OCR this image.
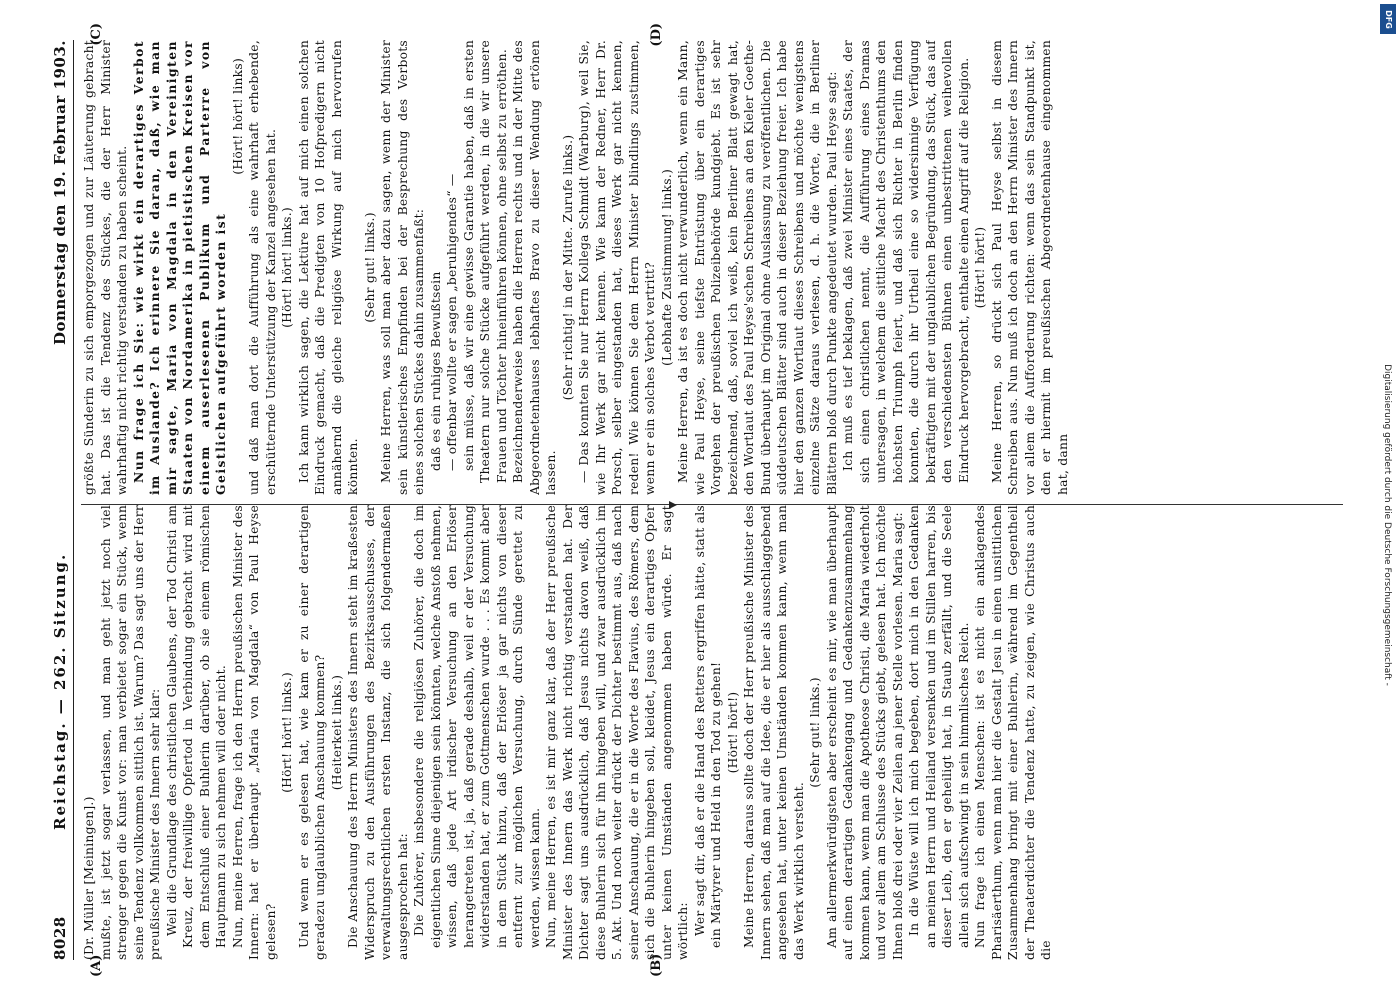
8028
Reichstag. — 262. Sitzung.
Donnerstag den 19. Februar 1903.
(A)	(B)
(C)	(D)

(Dr. Müller [Meiningen].) mußte, ist jetzt sogar verlassen, und man geht jetzt noch viel strenger gegen die Kunst vor: man verbietet sogar ein Stück, wenn seine Tendenz vollkommen sittlich ist. Warum? Das sagt uns der Herr preußische Minister des Innern sehr klar: Weil die Grundlage des christlichen Glaubens, der Tod Christi am Kreuz, der freiwillige Opfertod in Verbindung gebracht wird mit dem Entschluß einer Buhlerin darüber, ob sie einem römischen Hauptmann zu sich nehmen will oder nicht. Nun, meine Herren, frage ich den Herrn preußischen Minister des Innern: hat er überhaupt „Maria von Magdala“ von Paul Heyse gelesen?

(Hört! hört! links.) Und wenn er es gelesen hat, wie kam er zu einer derartigen geradezu unglaublichen Anschauung kommen? (Heiterkeit links.) Die Anschauung des Herrn Ministers des Innern steht im kraßesten Widerspruch zu den Ausführungen des Bezirksausschusses, der verwaltungsrechtlichen ersten Instanz, die sich folgendermaßen ausgesprochen hat: Die Zuhörer, insbesondere die religiösen Zuhörer, die doch im eigentlichen Sinne diejenigen sein könnten, welche Anstoß nehmen, wissen, daß jede Art irdischer Versuchung an den Erlöser herangetreten ist, ja, daß gerade deshalb, weil er der Versuchung widerstanden hat, er zum Gottmenschen wurde . . . Es kommt aber in dem Stück hinzu, daß der Erlöser ja gar nichts von dieser entfernt zur möglichen Versuchung, durch Sünde gerettet zu werden, wissen kann. Nun, meine Herren, es ist mir ganz klar, daß der Herr preußische Minister des Innern das Werk nicht richtig verstanden hat. Der Dichter sagt uns ausdrücklich, daß Jesus nichts davon weiß, daß diese Buhlerin sich für ihn hingeben will, und zwar ausdrücklich im 5. Akt. Und noch weiter drückt der Dichter bestimmt aus, daß nach seiner Anschauung, die er in die Worte des Flavius, des Römers, dem sich die Buhlerin hingeben soll, kleidet, Jesus ein derartiges Opfer unter keinen Umständen angenommen haben würde. Er sagt wörtlich: Wer sagt dir, daß er die Hand des Retters ergriffen hätte, statt als ein Märtyrer und Held in den Tod zu gehen! (Hört! hört!) Meine Herren, daraus sollte doch der Herr preußische Minister des Innern sehen, daß man auf die Idee, die er hier als ausschlaggebend angesehen hat, unter keinen Umständen kommen kann, wenn man das Werk wirklich versteht.

(Sehr gut! links.) Am allermerkwürdigsten aber erscheint es mir, wie man überhaupt auf einen derartigen Gedankengang und Gedankenzusammenhang kommen kann, wenn man die Apotheose Christi, die Maria wiederholt und vor allem am Schlusse des Stücks giebt, gelesen hat. Ich möchte Ihnen bloß drei oder vier Zeilen an jener Stelle vorlesen. Maria sagt: In die Wüste will ich mich begeben, dort mich in den Gedanken an meinen Herrn und Heiland versenken und im Stillen harren, bis dieser Leib, den er geheiligt hat, in Staub zerfällt, und die Seele allein sich aufschwingt in sein himmlisches Reich. Nun frage ich einen Menschen: ist es nicht ein anklagendes Pharisäerthum, wenn man hier die Gestalt Jesu in einen unsittlichen Zusammenhang bringt mit einer Buhlerin, während im Gegentheil der Theaterdichter die Tendenz hatte, zu zeigen, wie Christus auch die

größte Sünderin zu sich emporgezogen und zur Läuterung gebracht hat. Das ist die Tendenz des Stückes, die der Herr Minister wahrhaftig nicht richtig verstanden zu haben scheint. Nun frage ich Sie: wie wirkt ein derartiges Verbot im Auslande? Ich erinnere Sie daran, daß, wie man mir sagte, Maria von Magdala in den Vereinigten Staaten von Nordamerika in pietistischen Kreisen vor einem auserlesenen Publikum und Parterre von Geistlichen aufgeführt worden ist

(Hört! hört! links) und daß man dort die Aufführung als eine wahrhaft erhebende, erschütternde Unterstützung der Kanzel angesehen hat. (Hört! hört! links.) Ich kann wirklich sagen, die Lektüre hat auf mich einen solchen Eindruck gemacht, daß die Predigten von 10 Hofpredigern nicht annähernd die gleiche religiöse Wirkung auf mich hervorrufen könnten.

(Sehr gut! links.) Meine Herren, was soll man aber dazu sagen, wenn der Minister sein künstlerisches Empfinden bei der Besprechung des Verbots eines solchen Stückes dahin zusammenfaßt: daß es ein ruhiges Bewußtsein — offenbar wollte er sagen „beruhigendes“ — sein müsse, daß wir eine gewisse Garantie haben, daß in ersten Theatern nur solche Stücke aufgeführt werden, in die wir unsere Frauen und Töchter hineinführen können, ohne selbst zu erröthen. Bezeichnenderweise haben die Herren rechts und in der Mitte des Abgeordnetenhauses lebhaftes Bravo zu dieser Wendung ertönen lassen.

(Sehr richtig! in der Mitte. Zurufe links.) — Das konnten Sie nur Herrn Kollega Schmidt (Warburg), weil Sie, wie Ihr Werk gar nicht kennen. Wie kann der Redner, Herr Dr. Porsch, selber eingestanden hat, dieses Werk gar nicht kennen, reden! Wie können Sie dem Herrn Minister blindlings zustimmen, wenn er ein solches Verbot vertritt? (Lebhafte Zustimmung! links.) Meine Herren, da ist es doch nicht verwunderlich, wenn ein Mann, wie Paul Heyse, seine tiefste Entrüstung über ein derartiges Vorgehen der preußischen Polizeibehörde kundgiebt. Es ist sehr bezeichnend, daß, soviel ich weiß, kein Berliner Blatt gewagt hat, den Wortlaut des Paul Heyse'schen Schreibens an den Kieler Goethe-Bund überhaupt im Original ohne Auslassung zu veröffentlichen. Die süddeutschen Blätter sind auch in dieser Beziehung freier. Ich habe hier den ganzen Wortlaut dieses Schreibens und möchte wenigstens einzelne Sätze daraus verlesen, d. h. die Worte, die in Berliner Blättern bloß durch Punkte angedeutet wurden. Paul Heyse sagt: Ich muß es tief beklagen, daß zwei Minister eines Staates, der sich einen christlichen nennt, die Aufführung eines Dramas untersagen, in welchem die sittliche Macht des Christenthums den höchsten Triumph feiert, und daß sich Richter in Berlin finden konnten, die durch ihr Urtheil eine so widersinnige Verfügung bekräftigten mit der unglaublichen Begründung, das Stück, das auf den verschiedensten Bühnen einen unbestrittenen weihevollen Eindruck hervorgebracht, enthalte einen Angriff auf die Religion. (Hört! hört!) Meine Herren, so drückt sich Paul Heyse selbst in diesem Schreiben aus. Nun muß ich doch an den Herrn Minister des Innern vor allem die Aufforderung richten: wenn das sein Standpunkt ist, den er hiermit im preußischen Abgeordnetenhause eingenommen hat, dann

DFG
Digitalisierung gefördert durch die Deutsche Forschungsgemeinschaft -
